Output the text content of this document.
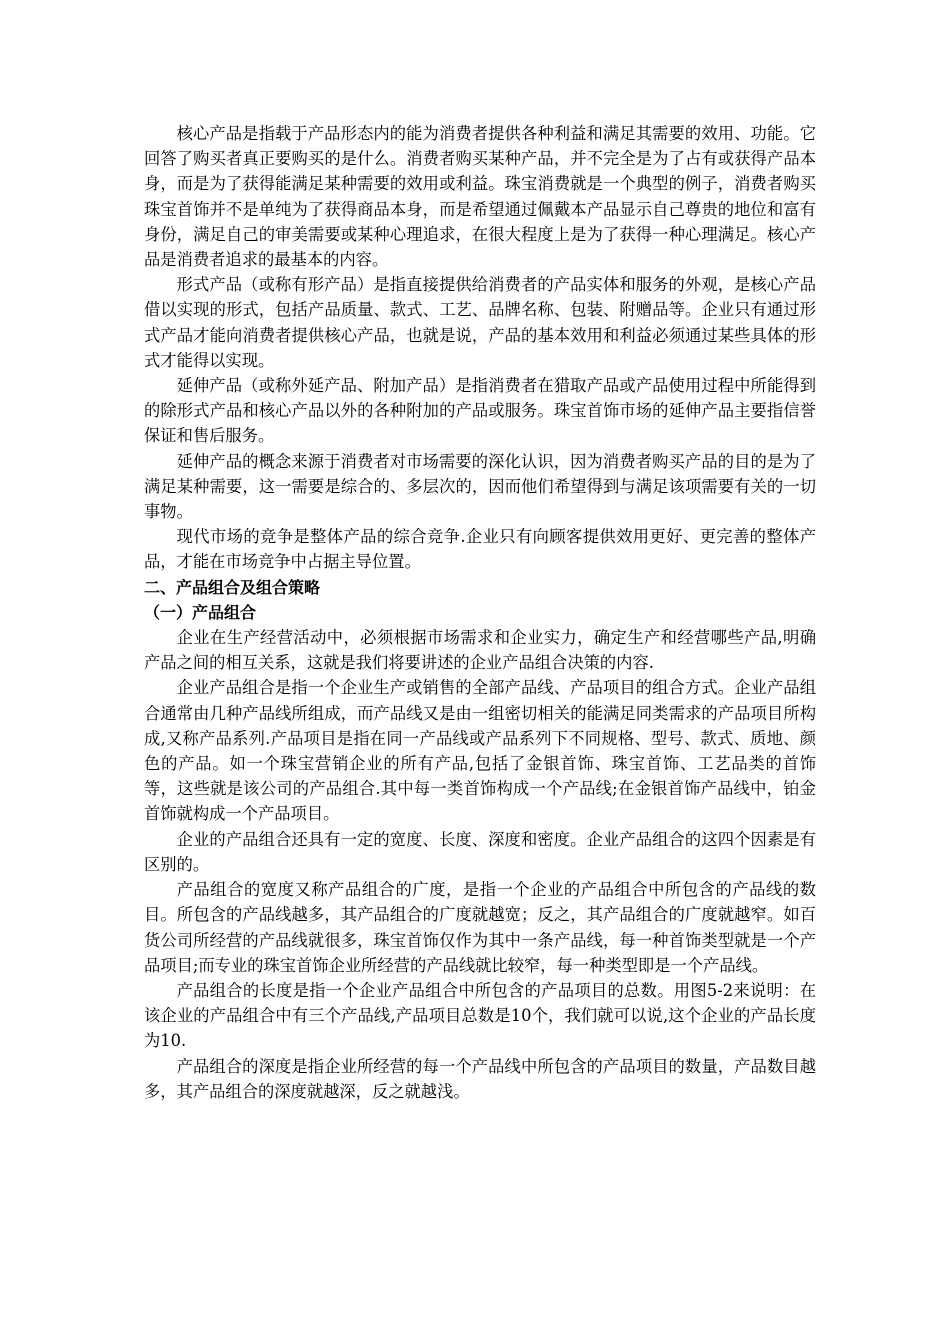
核心产品是指载于产品形态内的能为消费者提供各种利益和满足其需要的效用、功能。它回答了购买者真正要购买的是什么。消费者购买某种产品，并不完全是为了占有或获得产品本身，而是为了获得能满足某种需要的效用或利益。珠宝消费就是一个典型的例子，消费者购买珠宝首饰并不是单纯为了获得商品本身，而是希望通过佩戴本产品显示自己尊贵的地位和富有身份，满足自己的审美需要或某种心理追求，在很大程度上是为了获得一种心理满足。核心产品是消费者追求的最基本的内容。

形式产品（或称有形产品）是指直接提供给消费者的产品实体和服务的外观，是核心产品借以实现的形式，包括产品质量、款式、工艺、品牌名称、包装、附赠品等。企业只有通过形式产品才能向消费者提供核心产品，也就是说，产品的基本效用和利益必须通过某些具体的形式才能得以实现。

延伸产品（或称外延产品、附加产品）是指消费者在猎取产品或产品使用过程中所能得到的除形式产品和核心产品以外的各种附加的产品或服务。珠宝首饰市场的延伸产品主要指信誉保证和售后服务。

延伸产品的概念来源于消费者对市场需要的深化认识，因为消费者购买产品的目的是为了满足某种需要，这一需要是综合的、多层次的，因而他们希望得到与满足该项需要有关的一切事物。

现代市场的竞争是整体产品的综合竞争.企业只有向顾客提供效用更好、更完善的整体产品，才能在市场竞争中占据主导位置。

二、产品组合及组合策略

（一）产品组合

企业在生产经营活动中，必须根据市场需求和企业实力，确定生产和经营哪些产品,明确产品之间的相互关系，这就是我们将要讲述的企业产品组合决策的内容.

企业产品组合是指一个企业生产或销售的全部产品线、产品项目的组合方式。企业产品组合通常由几种产品线所组成，而产品线又是由一组密切相关的能满足同类需求的产品项目所构成,又称产品系列.产品项目是指在同一产品线或产品系列下不同规格、型号、款式、质地、颜色的产品。如一个珠宝营销企业的所有产品,包括了金银首饰、珠宝首饰、工艺品类的首饰等，这些就是该公司的产品组合.其中每一类首饰构成一个产品线;在金银首饰产品线中，铂金首饰就构成一个产品项目。

企业的产品组合还具有一定的宽度、长度、深度和密度。企业产品组合的这四个因素是有区别的。

产品组合的宽度又称产品组合的广度，是指一个企业的产品组合中所包含的产品线的数目。所包含的产品线越多，其产品组合的广度就越宽；反之，其产品组合的广度就越窄。如百货公司所经营的产品线就很多，珠宝首饰仅作为其中一条产品线，每一种首饰类型就是一个产品项目;而专业的珠宝首饰企业所经营的产品线就比较窄，每一种类型即是一个产品线。

产品组合的长度是指一个企业产品组合中所包含的产品项目的总数。用图5-2来说明：在该企业的产品组合中有三个产品线,产品项目总数是10个，我们就可以说,这个企业的产品长度为10.

产品组合的深度是指企业所经营的每一个产品线中所包含的产品项目的数量，产品数目越多，其产品组合的深度就越深，反之就越浅。
